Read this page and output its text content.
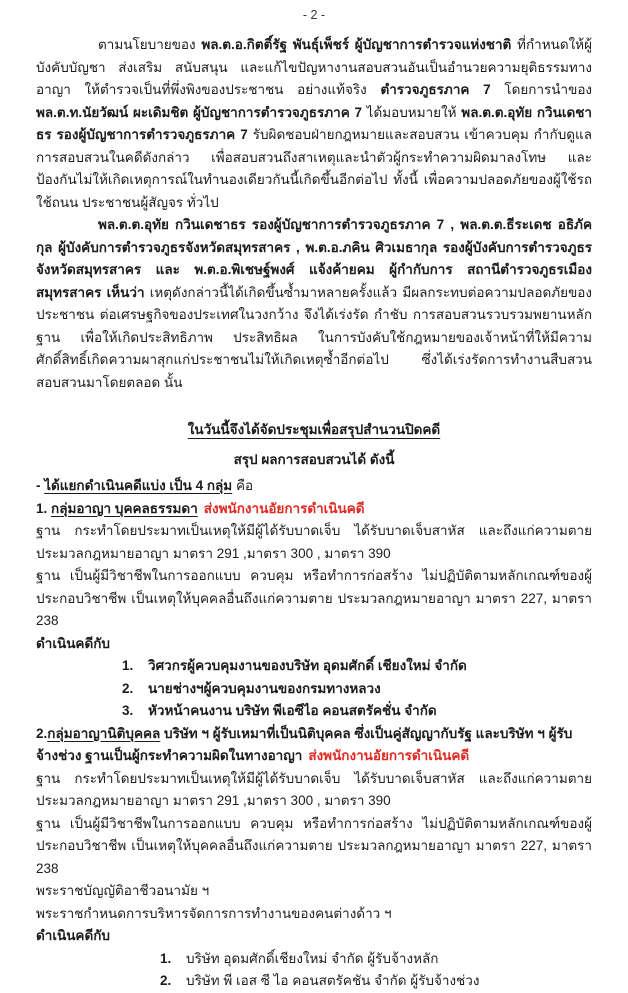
- 2 -

ตามนโยบายของ พล.ต.อ.กิตติ์รัฐ พันธุ์เพ็ชร์ ผู้บัญชาการตำรวจแห่งชาติ ที่กำหนดให้ผู้บังคับบัญชา ส่งเสริม สนับสนุน และแก้ไขปัญหางานสอบสวนอันเป็นอำนวยความยุติธรรมทางอาญา ให้ตำรวจเป็นที่พึ่งพิงของประชาชน อย่างแท้จริง ตำรวจภูธรภาค 7 โดยการนำของ พล.ต.ท.นัยวัฒน์ ผะเดิมชิต ผู้บัญชาการตำรวจภูธรภาค 7 ได้มอบหมายให้ พล.ต.ต.อุทัย กวินเดชาธร รองผู้บัญชาการตำรวจภูธรภาค 7 รับผิดชอบฝ่ายกฎหมายและสอบสวน เข้าควบคุม กำกับดูแลการสอบสวนในคดีดังกล่าว เพื่อสอบสวนถึงสาเหตุและนำตัวผู้กระทำความผิดมาลงโทษ และป้องกันไม่ให้เกิดเหตุการณ์ในทำนองเดียวกันนี้เกิดขึ้นอีกต่อไป ทั้งนี้ เพื่อความปลอดภัยของผู้ใช้รถใช้ถนน ประชาชนผู้สัญจร ทั่วไป

พล.ต.ต.อุทัย กวินเดชาธร รองผู้บัญชาการตำรวจภูธรภาค 7 , พล.ต.ต.ธีระเดช อธิภัคกุล ผู้บังคับการตำรวจภูธรจังหวัดสมุทรสาคร , พ.ต.อ.ภคิน ศิวเมธากุล รองผู้บังคับการตำรวจภูธรจังหวัดสมุทรสาคร และ พ.ต.อ.พิเชษฐ์พงศ์ แจ้งค้ายคม ผู้กำกับการ สถานีตำรวจภูธรเมืองสมุทรสาคร เห็นว่า เหตุดังกล่าวนี้ได้เกิดขึ้นซ้ำมาหลายครั้งแล้ว มีผลกระทบต่อความปลอดภัยของประชาชน ต่อเศรษฐกิจของประเทศในวงกว้าง จึงได้เร่งรัด กำชับ การสอบสวนรวบรวมพยานหลักฐาน เพื่อให้เกิดประสิทธิภาพ ประสิทธิผล ในการบังคับใช้กฎหมายของเจ้าหน้าที่ให้มีความศักดิ์สิทธิ์เกิดความผาสุกแก่ประชาชนไม่ให้เกิดเหตุซ้ำอีกต่อไป ซึ่งได้เร่งรัดการทำงานสืบสวนสอบสวนมาโดยตลอด นั้น

ในวันนี้จึงได้จัดประชุมเพื่อสรุปสำนวนปิดคดี
สรุป ผลการสอบสวนได้ ดังนี้
- ได้แยกดำเนินคดีแบ่ง เป็น 4 กลุ่ม คือ
1. กลุ่มอาญา บุคคลธรรมดา ส่งพนักงานอัยการดำเนินคดี

ฐาน กระทำโดยประมาทเป็นเหตุให้มีผู้ได้รับบาดเจ็บ ได้รับบาดเจ็บสาหัส และถึงแก่ความตาย ประมวลกฎหมายอาญา มาตรา 291 ,มาตรา 300 , มาตรา 390

ฐาน เป็นผู้มีวิชาชีพในการออกแบบ ควบคุม หรือทำการก่อสร้าง ไม่ปฏิบัติตามหลักเกณฑ์ของผู้ประกอบวิชาชีพ เป็นเหตุให้บุคคลอื่นถึงแก่ความตาย ประมวลกฎหมายอาญา มาตรา 227, มาตรา 238

ดำเนินคดีกับ

1. วิศวกรผู้ควบคุมงานของบริษัท อุดมศักดิ์ เชียงใหม่ จำกัด
2. นายช่างฯผู้ควบคุมงานของกรมทางหลวง
3. หัวหน้าคนงาน บริษัท พีเอซีไอ คอนสตรัคชั่น จำกัด
2.กลุ่มอาญานิติบุคคล บริษัท ฯ ผู้รับเหมาที่เป็นนิติบุคคล ซึ่งเป็นคู่สัญญากับรัฐ และบริษัท ฯ ผู้รับจ้างช่วง ฐานเป็นผู้กระทำความผิดในทางอาญา ส่งพนักงานอัยการดำเนินคดี

ฐาน กระทำโดยประมาทเป็นเหตุให้มีผู้ได้รับบาดเจ็บ ได้รับบาดเจ็บสาหัส และถึงแก่ความตาย ประมวลกฎหมายอาญา มาตรา 291 ,มาตรา 300 , มาตรา 390

ฐาน เป็นผู้มีวิชาชีพในการออกแบบ ควบคุม หรือทำการก่อสร้าง ไม่ปฏิบัติตามหลักเกณฑ์ของผู้ประกอบวิชาชีพ เป็นเหตุให้บุคคลอื่นถึงแก่ความตาย ประมวลกฎหมายอาญา มาตรา 227, มาตรา 238

พระราชบัญญัติอาชีวอนามัย ฯ

พระราชกำหนดการบริหารจัดการการทำงานของคนต่างด้าว ฯ

ดำเนินคดีกับ

1. บริษัท อุดมศักดิ์เชียงใหม่ จำกัด ผู้รับจ้างหลัก
2. บริษัท พี เอส ซี ไอ คอนสตรัคชัน จำกัด ผู้รับจ้างช่วง
